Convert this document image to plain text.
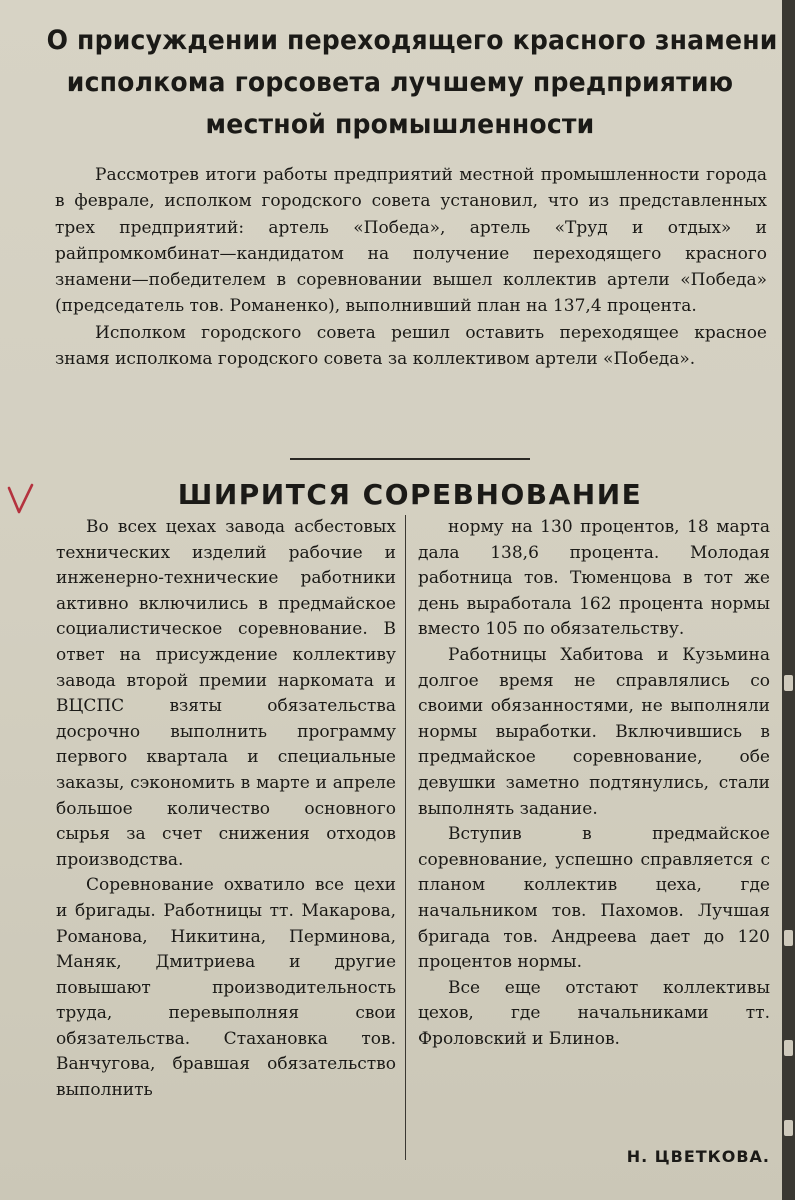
О присуждении переходящего красного знамени
исполкома горсовета лучшему предприятию
местной промышленности

Рассмотрев итоги работы предприятий местной промышленности города в феврале, исполком городского совета установил, что из представленных трех предприятий: артель «Победа», артель «Труд и отдых» и райпромкомбинат—кандидатом на получение переходящего красного знамени—победителем в соревновании вышел коллектив артели «Победа» (председатель тов. Романенко), выполнивший план на 137,4 процента.

Исполком городского совета решил оставить переходящее красное знамя исполкома городского совета за коллективом артели «Победа».

ШИРИТСЯ СОРЕВНОВАНИЕ

Во всех цехах завода асбестовых технических изделий рабочие и инженерно-технические работники активно включились в предмайское социалистическое соревнование. В ответ на присуждение коллективу завода второй премии наркомата и ВЦСПС взяты обязательства досрочно выполнить программу первого квартала и специальные заказы, сэкономить в марте и апреле большое количество основного сырья за счет снижения отходов производства.

Соревнование охватило все цехи и бригады. Работницы тт. Макарова, Романова, Никитина, Перминова, Маняк, Дмитриева и другие повышают производительность труда, перевыполняя свои обязательства. Стахановка тов. Ванчугова, бравшая обязательство выполнить

норму на 130 процентов, 18 марта дала 138,6 процента. Молодая работница тов. Тюменцова в тот же день выработала 162 процента нормы вместо 105 по обязательству.

Работницы Хабитова и Кузьмина долгое время не справлялись со своими обязанностями, не выполняли нормы выработки. Включившись в предмайское соревнование, обе девушки заметно подтянулись, стали выполнять задание.

Вступив в предмайское соревнование, успешно справляется с планом коллектив цеха, где начальником тов. Пахомов. Лучшая бригада тов. Андреева дает до 120 процентов нормы.

Все еще отстают коллективы цехов, где начальниками тт. Фроловский и Блинов.

Н. ЦВЕТКОВА.
